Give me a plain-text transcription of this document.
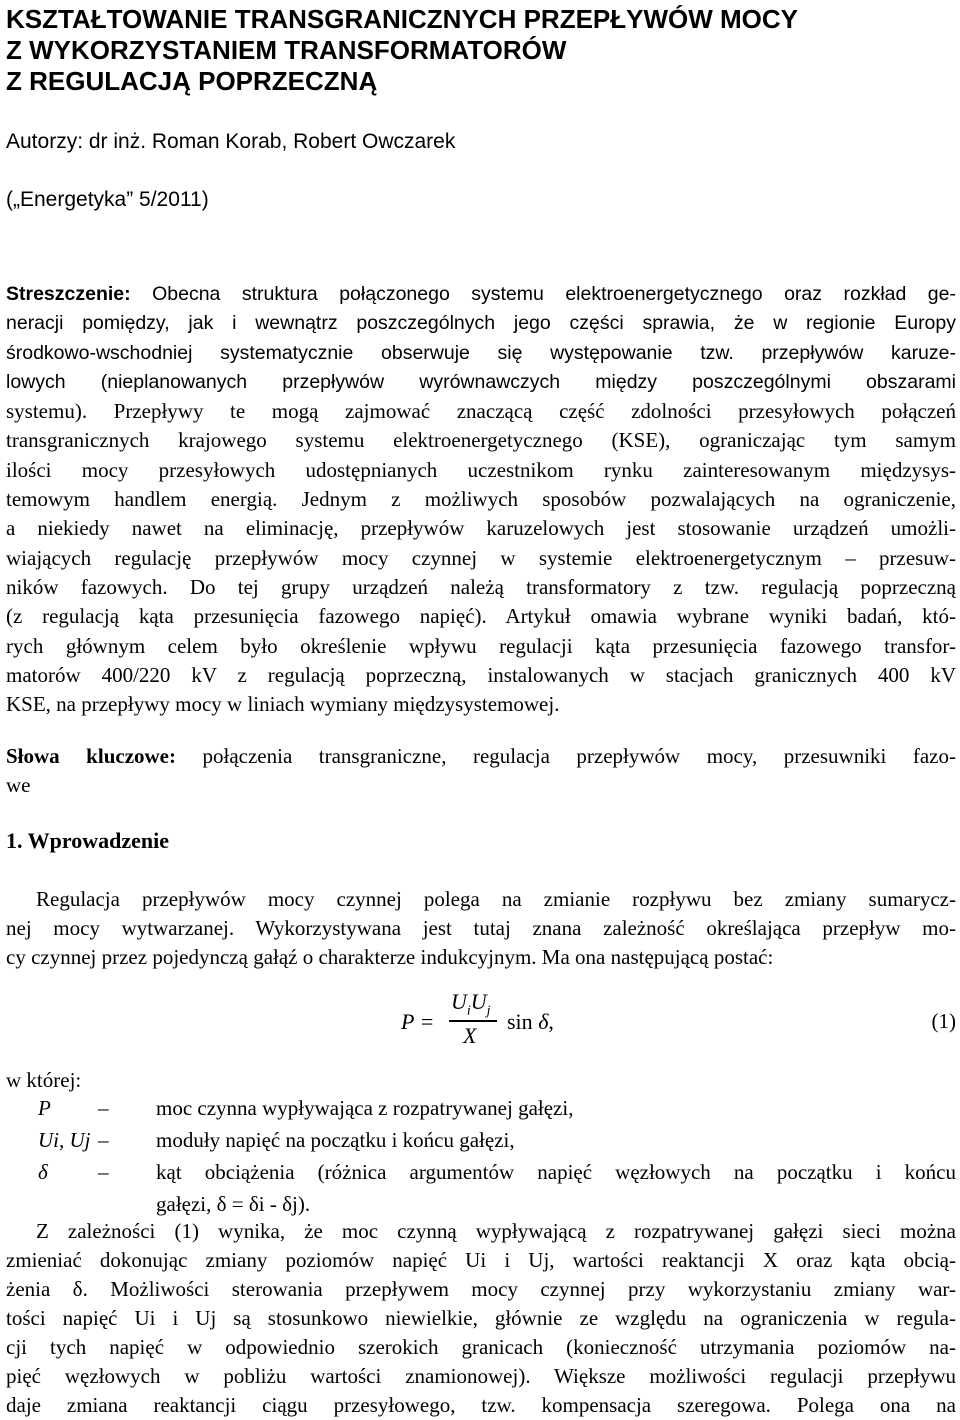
KSZTAŁTOWANIE TRANSGRANICZNYCH PRZEPŁYWÓW MOCY
Z WYKORZYSTANIEM TRANSFORMATORÓW
Z REGULACJĄ POPRZECZNĄ
Autorzy: dr inż. Roman Korab, Robert Owczarek
(„Energetyka” 5/2011)
Streszczenie: Obecna struktura połączonego systemu elektroenergetycznego oraz rozkład ge-
neracji pomiędzy, jak i wewnątrz poszczególnych jego części sprawia, że w regionie Europy
środkowo-wschodniej systematycznie obserwuje się występowanie tzw. przepływów karuze-
lowych (nieplanowanych przepływów wyrównawczych między poszczególnymi obszarami
systemu). Przepływy te mogą zajmować znaczącą część zdolności przesyłowych połączeń
transgranicznych krajowego systemu elektroenergetycznego (KSE), ograniczając tym samym
ilości mocy przesyłowych udostępnianych uczestnikom rynku zainteresowanym międzysys-
temowym handlem energią. Jednym z możliwych sposobów pozwalających na ograniczenie,
a niekiedy nawet na eliminację, przepływów karuzelowych jest stosowanie urządzeń umożli-
wiających regulację przepływów mocy czynnej w systemie elektroenergetycznym – przesuw-
ników fazowych. Do tej grupy urządzeń należą transformatory z tzw. regulacją poprzeczną
(z regulacją kąta przesunięcia fazowego napięć). Artykuł omawia wybrane wyniki badań, któ-
rych głównym celem było określenie wpływu regulacji kąta przesunięcia fazowego transfor-
matorów 400/220 kV z regulacją poprzeczną, instalowanych w stacjach granicznych 400 kV
KSE, na przepływy mocy w liniach wymiany międzysystemowej.
Słowa kluczowe: połączenia transgraniczne, regulacja przepływów mocy, przesuwniki fazo-
we
1. Wprowadzenie
Regulacja przepływów mocy czynnej polega na zmianie rozpływu bez zmiany sumarycz-
nej mocy wytwarzanej. Wykorzystywana jest tutaj znana zależność określająca przepływ mo-
cy czynnej przez pojedynczą gałąź o charakterze indukcyjnym. Ma ona następującą postać:
P =
$U_iU_j$
X
sin δ,	(1)
w której:
P – moc czynna wypływająca z rozpatrywanej gałęzi,
Ui, Uj – moduły napięć na początku i końcu gałęzi,
δ – kąt obciążenia (różnica argumentów napięć węzłowych na początku i końcu
gałęzi, δ = δi - δj).
Z zależności (1) wynika, że moc czynną wypływającą z rozpatrywanej gałęzi sieci można
zmieniać dokonując zmiany poziomów napięć Ui i Uj, wartości reaktancji X oraz kąta obcią-
żenia δ. Możliwości sterowania przepływem mocy czynnej przy wykorzystaniu zmiany war-
tości napięć Ui i Uj są stosunkowo niewielkie, głównie ze względu na ograniczenia w regula-
cji tych napięć w odpowiednio szerokich granicach (konieczność utrzymania poziomów na-
pięć węzłowych w pobliżu wartości znamionowej). Większe możliwości regulacji przepływu
daje zmiana reaktancji ciągu przesyłowego, tzw. kompensacja szeregowa. Polega ona na
